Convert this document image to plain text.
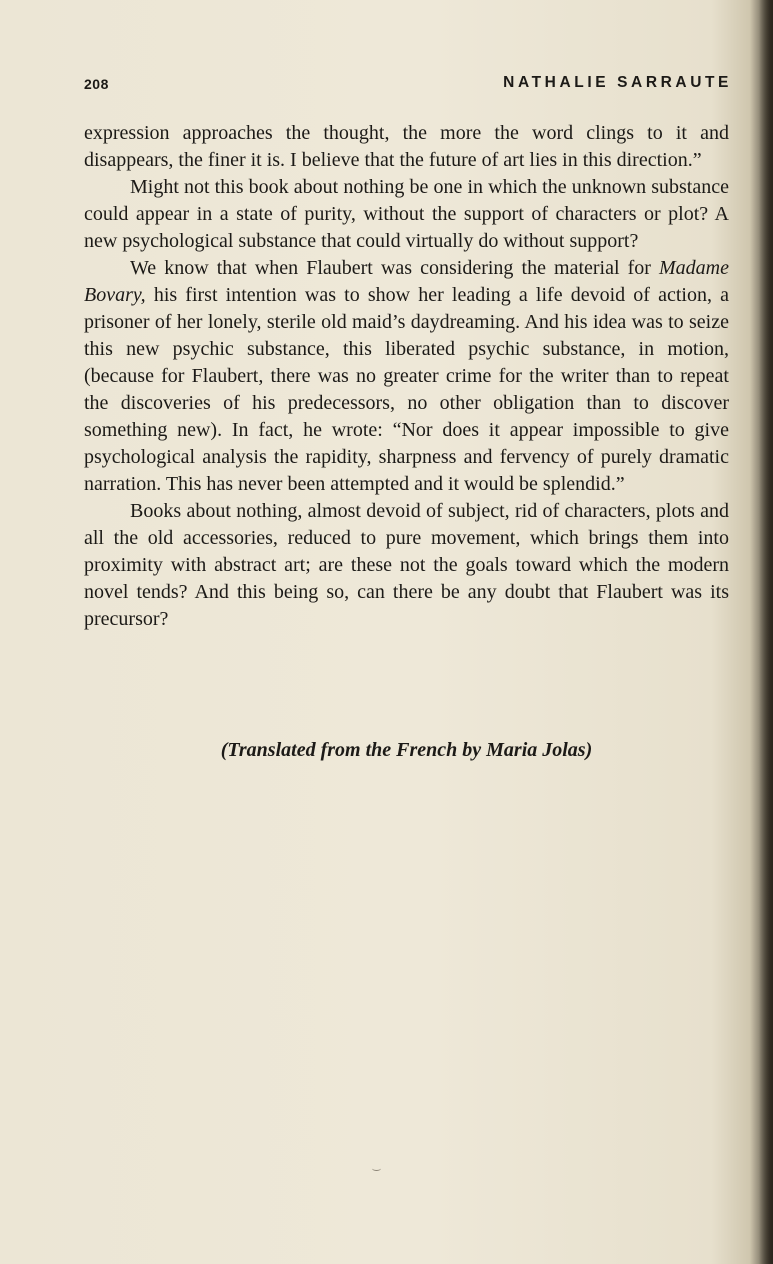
208	NATHALIE SARRAUTE

expression approaches the thought, the more the word clings to it and disappears, the finer it is. I believe that the future of art lies in this direction.”

Might not this book about nothing be one in which the unknown substance could appear in a state of purity, without the support of characters or plot? A new psychological substance that could virtually do without support?

We know that when Flaubert was considering the material for Madame Bovary, his first intention was to show her leading a life devoid of action, a prisoner of her lonely, sterile old maid’s daydreaming. And his idea was to seize this new psychic substance, this liberated psychic substance, in motion, (because for Flaubert, there was no greater crime for the writer than to repeat the discoveries of his predecessors, no other obligation than to discover something new). In fact, he wrote: “Nor does it appear impossible to give psychological analysis the rapidity, sharpness and fervency of purely dramatic narration. This has never been attempted and it would be splendid.”

Books about nothing, almost devoid of subject, rid of characters, plots and all the old accessories, reduced to pure movement, which brings them into proximity with abstract art; are these not the goals toward which the modern novel tends? And this being so, can there be any doubt that Flaubert was its precursor?

(Translated from the French by Maria Jolas)
